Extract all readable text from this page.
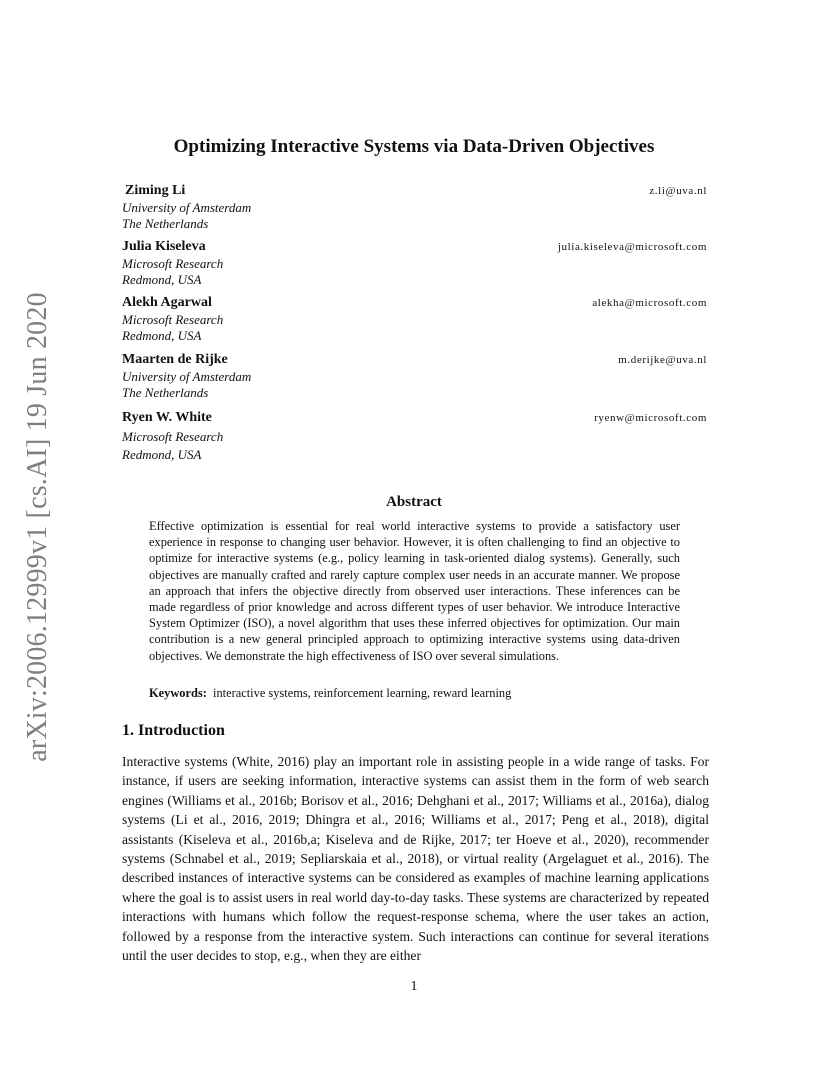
arXiv:2006.12999v1 [cs.AI] 19 Jun 2020
Optimizing Interactive Systems via Data-Driven Objectives
Ziming Li	z.li@uva.nl
University of Amsterdam
The Netherlands
Julia Kiseleva	julia.kiseleva@microsoft.com
Microsoft Research
Redmond, USA
Alekh Agarwal	alekha@microsoft.com
Microsoft Research
Redmond, USA
Maarten de Rijke	m.derijke@uva.nl
University of Amsterdam
The Netherlands
Ryen W. White	ryenw@microsoft.com
Microsoft Research
Redmond, USA
Abstract
Effective optimization is essential for real world interactive systems to provide a satisfactory user experience in response to changing user behavior. However, it is often challenging to find an objective to optimize for interactive systems (e.g., policy learning in task-oriented dialog systems). Generally, such objectives are manually crafted and rarely capture complex user needs in an accurate manner. We propose an approach that infers the objective directly from observed user interactions. These inferences can be made regardless of prior knowledge and across different types of user behavior. We introduce Interactive System Optimizer (ISO), a novel algorithm that uses these inferred objectives for optimization. Our main contribution is a new general principled approach to optimizing interactive systems using data-driven objectives. We demonstrate the high effectiveness of ISO over several simulations.
Keywords: interactive systems, reinforcement learning, reward learning
1. Introduction
Interactive systems (White, 2016) play an important role in assisting people in a wide range of tasks. For instance, if users are seeking information, interactive systems can assist them in the form of web search engines (Williams et al., 2016b; Borisov et al., 2016; Dehghani et al., 2017; Williams et al., 2016a), dialog systems (Li et al., 2016, 2019; Dhingra et al., 2016; Williams et al., 2017; Peng et al., 2018), digital assistants (Kiseleva et al., 2016b,a; Kiseleva and de Rijke, 2017; ter Hoeve et al., 2020), recommender systems (Schnabel et al., 2019; Sepliarskaia et al., 2018), or virtual reality (Argelaguet et al., 2016). The described instances of interactive systems can be considered as examples of machine learning applications where the goal is to assist users in real world day-to-day tasks. These systems are characterized by repeated interactions with humans which follow the request-response schema, where the user takes an action, followed by a response from the interactive system. Such interactions can continue for several iterations until the user decides to stop, e.g., when they are either
1
